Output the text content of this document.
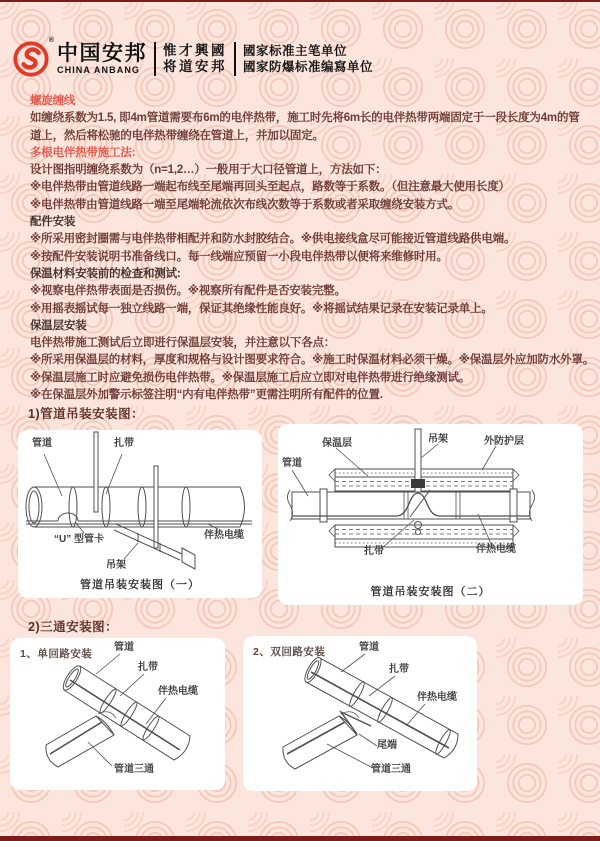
®
中国安邦
CHINA ANBANG
惟才興國
将道安邦
國家标准主笔单位
國家防爆标准编寫单位

螺旋缠线

如缠绕系数为1.5, 即4m管道需要布6m的电伴热带，施工时先将6m长的电伴热带两端固定于一段长度为4m的管道上，然后将松驰的电伴热带缠绕在管道上，并加以固定。

多根电伴热带施工法:

设计图指明缠绕系数为（n=1,2…）一般用于大口径管道上，方法如下：

※电伴热带由管道线路一端起布线至尾端再回头至起点，路数等于系数。（但注意最大使用长度）

※电伴热带由管道线路一端至尾端轮流依次布线次数等于系数或者采取缠绕安装方式。

配件安装

※所采用密封圈需与电伴热带相配并和防水封胶结合。※供电接线盒尽可能接近管道线路供电端。

※按配件安装说明书准备线口。每一线端应预留一小段电伴热带以便将来维修时用。

保温材料安装前的检查和测试:

※视察电伴热带表面是否损伤。※视察所有配件是否安装完整。

※用摇表摇试每一独立线路一端，保证其绝缘性能良好。※将摇试结果记录在安装记录单上。

保温层安装

电伴热带施工测试后立即进行保温层安装，并注意以下各点：

※所采用保温层的材料，厚度和规格与设计图要求符合。※施工时保温材料必须干燥。※保温层外应加防水外罩。

※保温层施工时应避免损伤电伴热带。※保温层施工后应立即对电伴热带进行绝缘测试。

※在保温层外加警示标签注明“内有电伴热带”更需注明所有配件的位置.

1)管道吊装安装图：
管道	扎带
“U” 型管卡
吊架
伴热电缆
管道吊装安装图（一）
保温层	吊架	外防护层
管道
扎带	伴热电缆
管道吊装安装图（二）
2)三通安装图：
1、单回路安装
管道
扎带
伴热电缆
管道三通
2、双回路安装	管道
扎带
伴热电缆
尾端
管道三通
